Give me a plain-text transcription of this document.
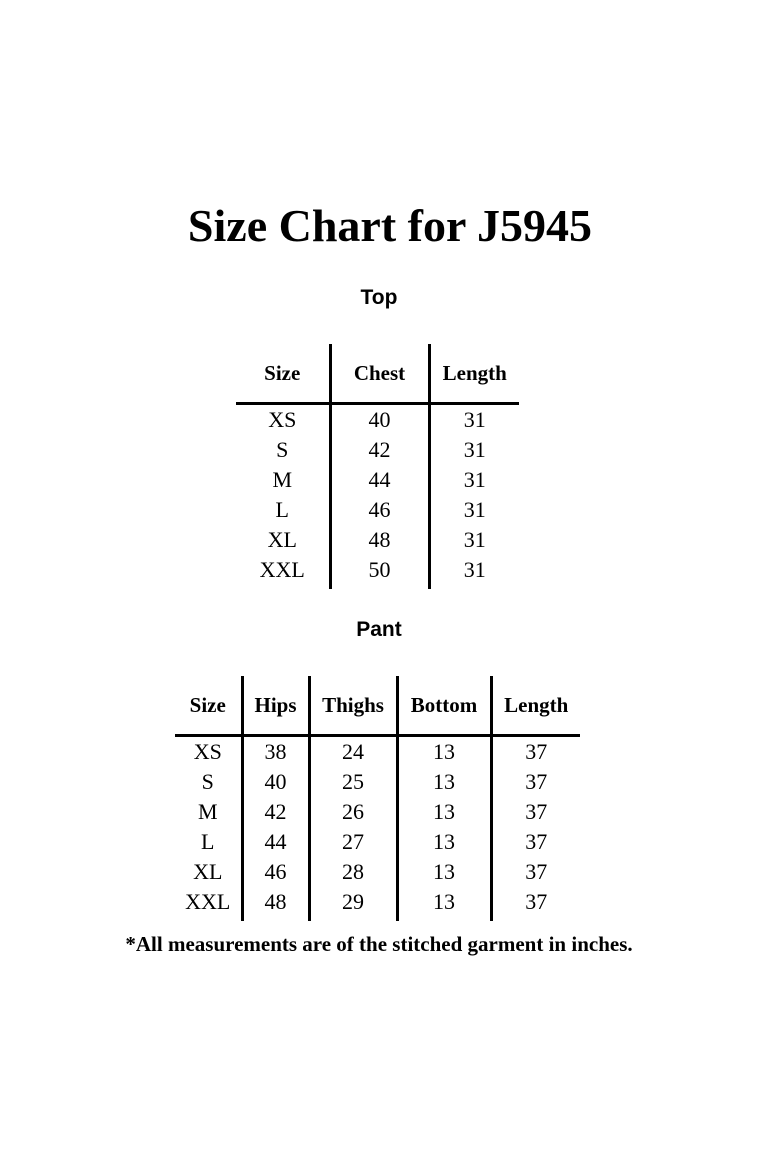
Size Chart for J5945
Top
Size	Chest	Length
XS	40	31
S	42	31
M	44	31
L	46	31
XL	48	31
XXL	50	31
Pant
Size	Hips	Thighs	Bottom	Length
XS	38	24	13	37
S	40	25	13	37
M	42	26	13	37
L	44	27	13	37
XL	46	28	13	37
XXL	48	29	13	37

*All measurements are of the stitched garment in inches.
